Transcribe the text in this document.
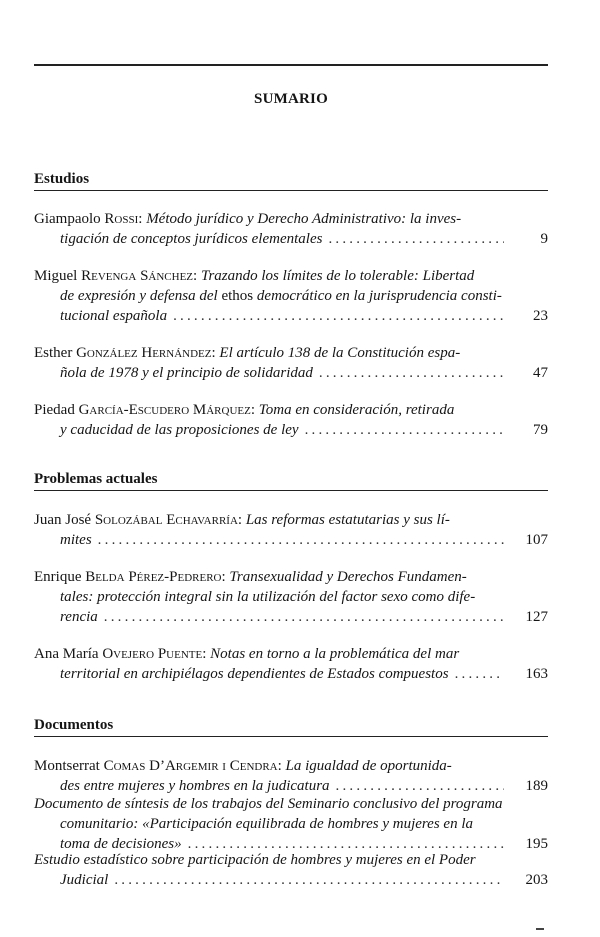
SUMARIO
Estudios
Giampaolo Rossi: Método jurídico y Derecho Administrativo: la inves-
tigación de conceptos jurídicos elementales .....	9
Miguel Revenga Sánchez: Trazando los límites de lo tolerable: Libertad
de expresión y defensa del ethos democrático en la jurisprudencia consti-
tucional española .....	23
Esther González Hernández: El artículo 138 de la Constitución espa-
ñola de 1978 y el principio de solidaridad .....	47
Piedad García-Escudero Márquez: Toma en consideración, retirada
y caducidad de las proposiciones de ley .....	79
Problemas actuales
Juan José Solozábal Echavarría: Las reformas estatutarias y sus lí-
mites .....	107
Enrique Belda Pérez-Pedrero: Transexualidad y Derechos Fundamen-
tales: protección integral sin la utilización del factor sexo como dife-
rencia .....	127
Ana María Ovejero Puente: Notas en torno a la problemática del mar
territorial en archipiélagos dependientes de Estados compuestos .....	163
Documentos
Montserrat Comas D’Argemir i Cendra: La igualdad de oportunida-
des entre mujeres y hombres en la judicatura .....	189
Documento de síntesis de los trabajos del Seminario conclusivo del programa
comunitario: «Participación equilibrada de hombres y mujeres en la
toma de decisiones» .....	195
Estudio estadístico sobre participación de hombres y mujeres en el Poder
Judicial .....	203
